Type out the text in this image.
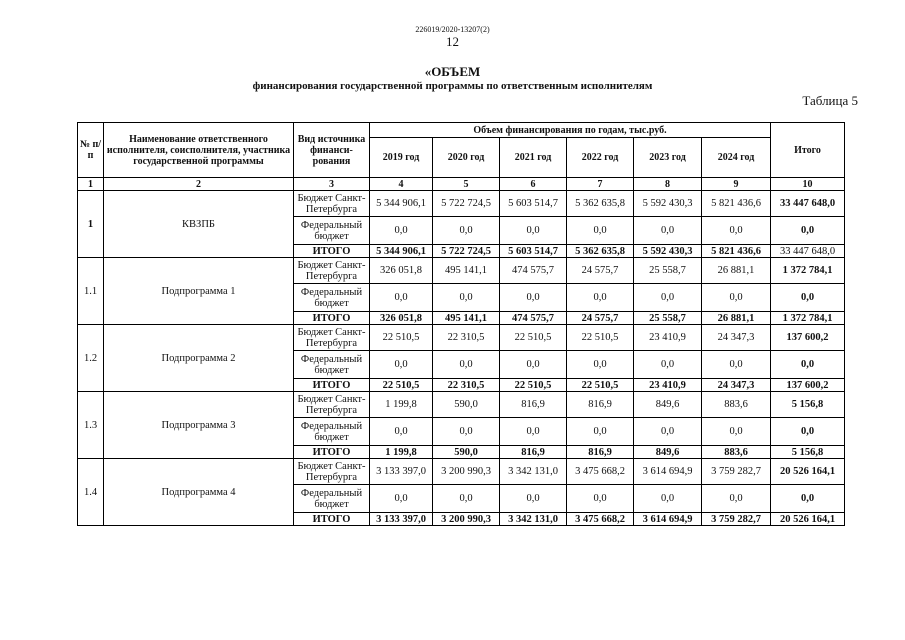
226019/2020-13207(2)
12
«ОБЪЕМ
финансирования государственной программы по ответственным исполнителям
Таблица 5
№ п/п	Наименование ответственного исполнителя, соисполнителя, участника государственной программы	Вид источника финанси-рования	Объем финансирования по годам, тыс.руб.						Итого
			2019 год	2020 год	2021 год	2022 год	2023 год	2024 год	
1	2	3	4	5	6	7	8	9	10
1	КВЗПБ	Бюджет Санкт-Петербурга	5 344 906,1	5 722 724,5	5 603 514,7	5 362 635,8	5 592 430,3	5 821 436,6	33 447 648,0
		Федеральный бюджет	0,0	0,0	0,0	0,0	0,0	0,0	0,0
		ИТОГО	5 344 906,1	5 722 724,5	5 603 514,7	5 362 635,8	5 592 430,3	5 821 436,6	33 447 648,0
1.1	Подпрограмма 1	Бюджет Санкт-Петербурга	326 051,8	495 141,1	474 575,7	24 575,7	25 558,7	26 881,1	1 372 784,1
		Федеральный бюджет	0,0	0,0	0,0	0,0	0,0	0,0	0,0
		ИТОГО	326 051,8	495 141,1	474 575,7	24 575,7	25 558,7	26 881,1	1 372 784,1
1.2	Подпрограмма 2	Бюджет Санкт-Петербурга	22 510,5	22 310,5	22 510,5	22 510,5	23 410,9	24 347,3	137 600,2
		Федеральный бюджет	0,0	0,0	0,0	0,0	0,0	0,0	0,0
		ИТОГО	22 510,5	22 310,5	22 510,5	22 510,5	23 410,9	24 347,3	137 600,2
1.3	Подпрограмма 3	Бюджет Санкт-Петербурга	1 199,8	590,0	816,9	816,9	849,6	883,6	5 156,8
		Федеральный бюджет	0,0	0,0	0,0	0,0	0,0	0,0	0,0
		ИТОГО	1 199,8	590,0	816,9	816,9	849,6	883,6	5 156,8
1.4	Подпрограмма 4	Бюджет Санкт-Петербурга	3 133 397,0	3 200 990,3	3 342 131,0	3 475 668,2	3 614 694,9	3 759 282,7	20 526 164,1
		Федеральный бюджет	0,0	0,0	0,0	0,0	0,0	0,0	0,0
		ИТОГО	3 133 397,0	3 200 990,3	3 342 131,0	3 475 668,2	3 614 694,9	3 759 282,7	20 526 164,1
